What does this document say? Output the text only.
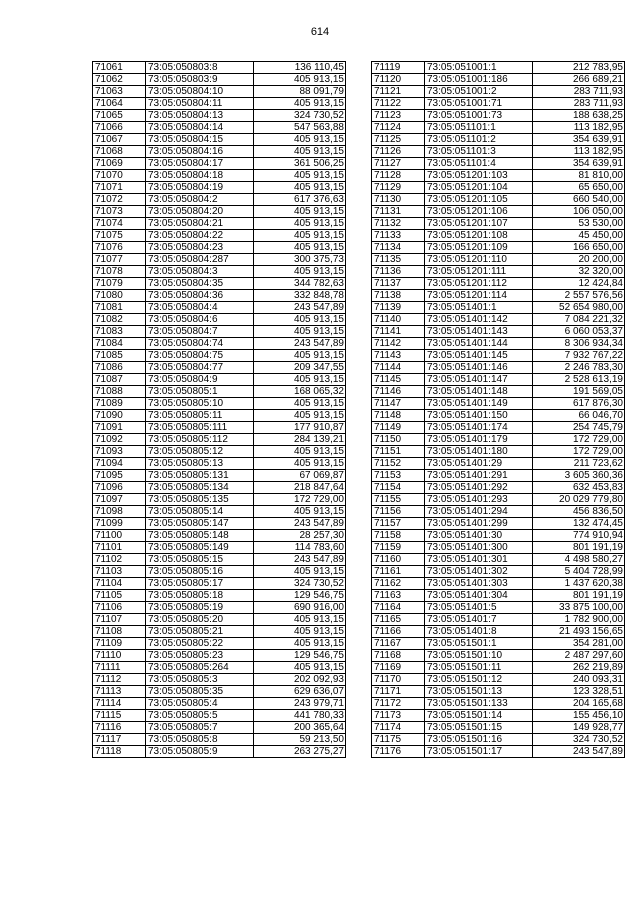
614
71061	73:05:050803:8	136 110,45
71062	73:05:050803:9	405 913,15
71063	73:05:050804:10	88 091,79
71064	73:05:050804:11	405 913,15
71065	73:05:050804:13	324 730,52
71066	73:05:050804:14	547 563,88
71067	73:05:050804:15	405 913,15
71068	73:05:050804:16	405 913,15
71069	73:05:050804:17	361 506,25
71070	73:05:050804:18	405 913,15
71071	73:05:050804:19	405 913,15
71072	73:05:050804:2	617 376,63
71073	73:05:050804:20	405 913,15
71074	73:05:050804:21	405 913,15
71075	73:05:050804:22	405 913,15
71076	73:05:050804:23	405 913,15
71077	73:05:050804:287	300 375,73
71078	73:05:050804:3	405 913,15
71079	73:05:050804:35	344 782,63
71080	73:05:050804:36	332 848,78
71081	73:05:050804:4	243 547,89
71082	73:05:050804:6	405 913,15
71083	73:05:050804:7	405 913,15
71084	73:05:050804:74	243 547,89
71085	73:05:050804:75	405 913,15
71086	73:05:050804:77	209 347,55
71087	73:05:050804:9	405 913,15
71088	73:05:050805:1	168 065,32
71089	73:05:050805:10	405 913,15
71090	73:05:050805:11	405 913,15
71091	73:05:050805:111	177 910,87
71092	73:05:050805:112	284 139,21
71093	73:05:050805:12	405 913,15
71094	73:05:050805:13	405 913,15
71095	73:05:050805:131	67 069,87
71096	73:05:050805:134	218 847,64
71097	73:05:050805:135	172 729,00
71098	73:05:050805:14	405 913,15
71099	73:05:050805:147	243 547,89
71100	73:05:050805:148	28 257,30
71101	73:05:050805:149	114 783,60
71102	73:05:050805:15	243 547,89
71103	73:05:050805:16	405 913,15
71104	73:05:050805:17	324 730,52
71105	73:05:050805:18	129 546,75
71106	73:05:050805:19	690 916,00
71107	73:05:050805:20	405 913,15
71108	73:05:050805:21	405 913,15
71109	73:05:050805:22	405 913,15
71110	73:05:050805:23	129 546,75
71111	73:05:050805:264	405 913,15
71112	73:05:050805:3	202 092,93
71113	73:05:050805:35	629 636,07
71114	73:05:050805:4	243 979,71
71115	73:05:050805:5	441 780,33
71116	73:05:050805:7	200 365,64
71117	73:05:050805:8	59 213,50
71118	73:05:050805:9	263 275,27
71119	73:05:051001:1	212 783,95
71120	73:05:051001:186	266 689,21
71121	73:05:051001:2	283 711,93
71122	73:05:051001:71	283 711,93
71123	73:05:051001:73	188 638,25
71124	73:05:051101:1	113 182,95
71125	73:05:051101:2	354 639,91
71126	73:05:051101:3	113 182,95
71127	73:05:051101:4	354 639,91
71128	73:05:051201:103	81 810,00
71129	73:05:051201:104	65 650,00
71130	73:05:051201:105	660 540,00
71131	73:05:051201:106	106 050,00
71132	73:05:051201:107	53 530,00
71133	73:05:051201:108	45 450,00
71134	73:05:051201:109	166 650,00
71135	73:05:051201:110	20 200,00
71136	73:05:051201:111	32 320,00
71137	73:05:051201:112	12 424,84
71138	73:05:051201:114	2 557 576,56
71139	73:05:051401:1	52 654 980,00
71140	73:05:051401:142	7 084 221,32
71141	73:05:051401:143	6 060 053,37
71142	73:05:051401:144	8 306 934,34
71143	73:05:051401:145	7 932 767,22
71144	73:05:051401:146	2 246 783,30
71145	73:05:051401:147	2 528 613,19
71146	73:05:051401:148	191 569,05
71147	73:05:051401:149	617 876,30
71148	73:05:051401:150	66 046,70
71149	73:05:051401:174	254 745,79
71150	73:05:051401:179	172 729,00
71151	73:05:051401:180	172 729,00
71152	73:05:051401:29	211 723,62
71153	73:05:051401:291	3 605 360,36
71154	73:05:051401:292	632 453,83
71155	73:05:051401:293	20 029 779,80
71156	73:05:051401:294	456 836,50
71157	73:05:051401:299	132 474,45
71158	73:05:051401:30	774 910,94
71159	73:05:051401:300	801 191,19
71160	73:05:051401:301	4 498 580,27
71161	73:05:051401:302	5 404 728,99
71162	73:05:051401:303	1 437 620,38
71163	73:05:051401:304	801 191,19
71164	73:05:051401:5	33 875 100,00
71165	73:05:051401:7	1 782 900,00
71166	73:05:051401:8	21 493 156,65
71167	73:05:051501:1	354 281,00
71168	73:05:051501:10	2 487 297,60
71169	73:05:051501:11	262 219,89
71170	73:05:051501:12	240 093,31
71171	73:05:051501:13	123 328,51
71172	73:05:051501:133	204 165,68
71173	73:05:051501:14	155 456,10
71174	73:05:051501:15	149 928,77
71175	73:05:051501:16	324 730,52
71176	73:05:051501:17	243 547,89
